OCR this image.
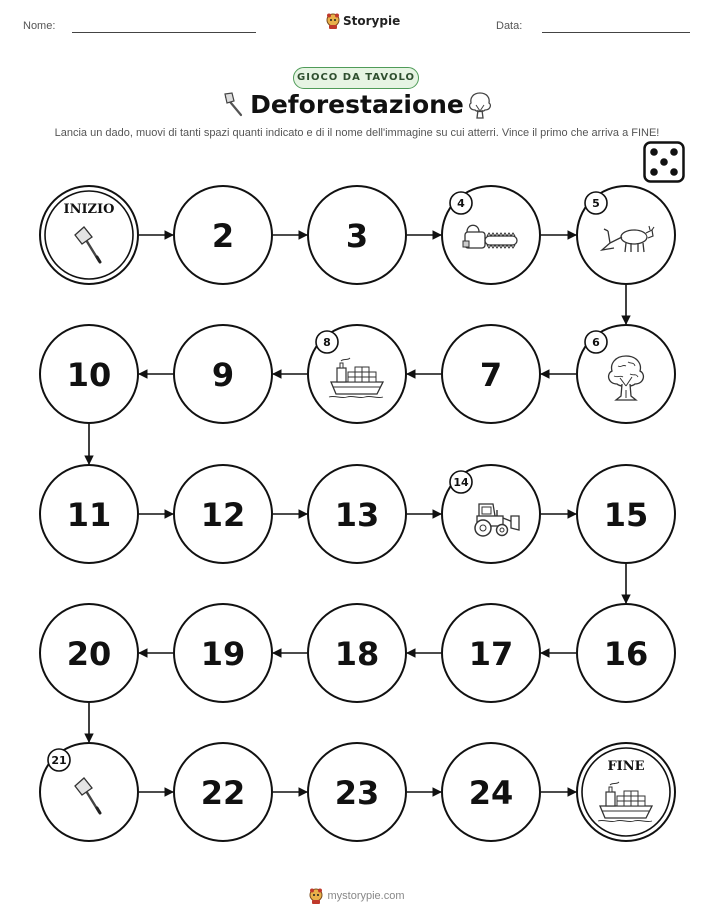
Nome:	Storypie	Data:
GIOCO DA TAVOLO
Deforestazione
Lancia un dado, muovi di tanti spazi quanti indicato e di il nome dell'immagine su cui atterri. Vince il primo che arriva a FINE!
INIZIO
2	3
4	5
6
7
8
9
10
11	12	13
14
15
16
17
18
19
20
21
22	23	24
FINE
mystorypie.com
